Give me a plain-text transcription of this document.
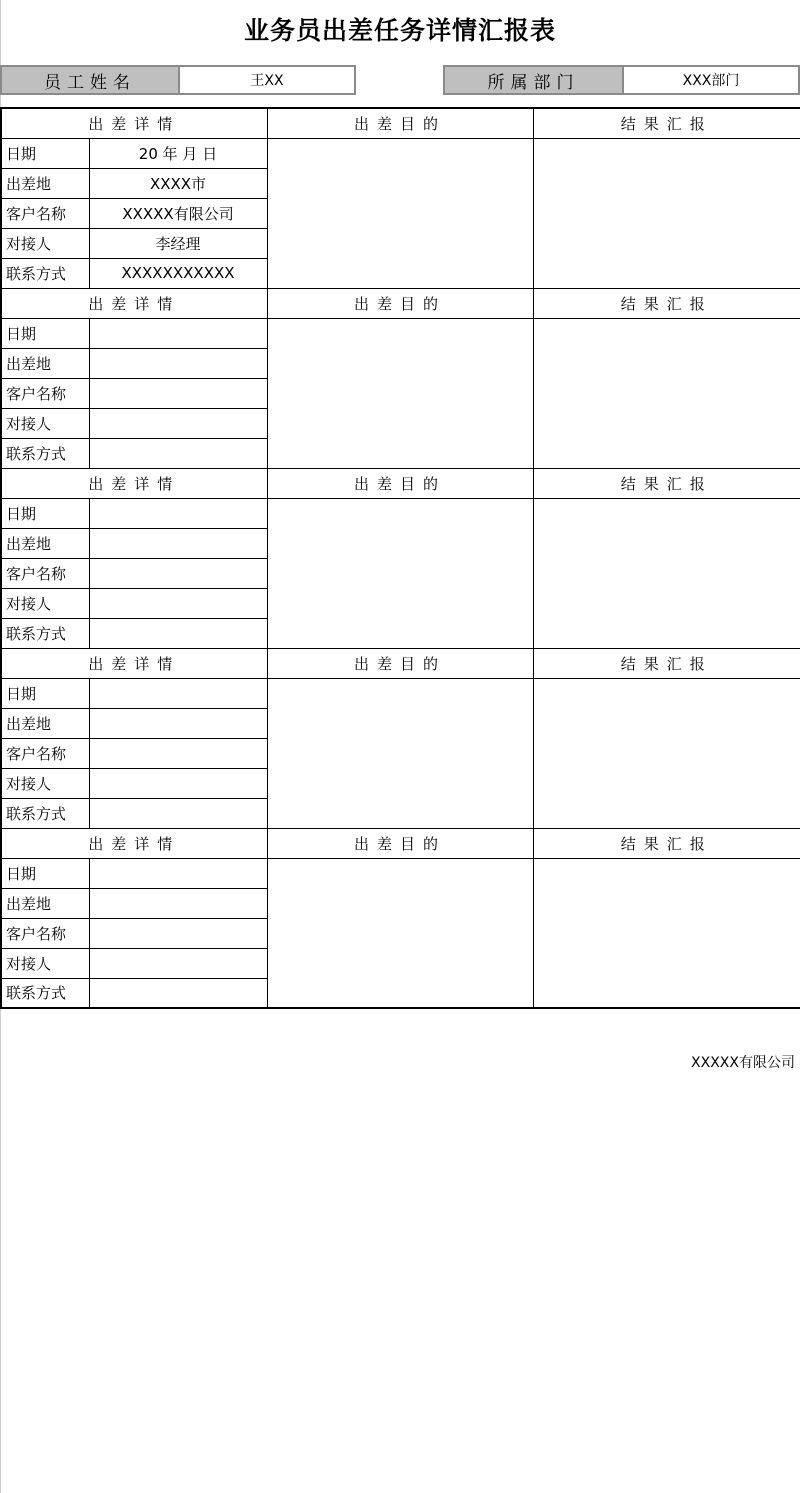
业务员出差任务详情汇报表
员工姓名	王XX	所属部门	XXX部门
出差详情		出差目的	结果汇报
日期	20 年 月 日		
出差地	XXXX市		
客户名称	XXXXX有限公司		
对接人	李经理		
联系方式	XXXXXXXXXXX		
出差详情		出差目的	结果汇报
日期			
出差地			
客户名称			
对接人			
联系方式			
出差详情		出差目的	结果汇报
日期			
出差地			
客户名称			
对接人			
联系方式			
出差详情		出差目的	结果汇报
日期			
出差地			
客户名称			
对接人			
联系方式			
出差详情		出差目的	结果汇报
日期			
出差地			
客户名称			
对接人			
联系方式			
XXXXX有限公司
